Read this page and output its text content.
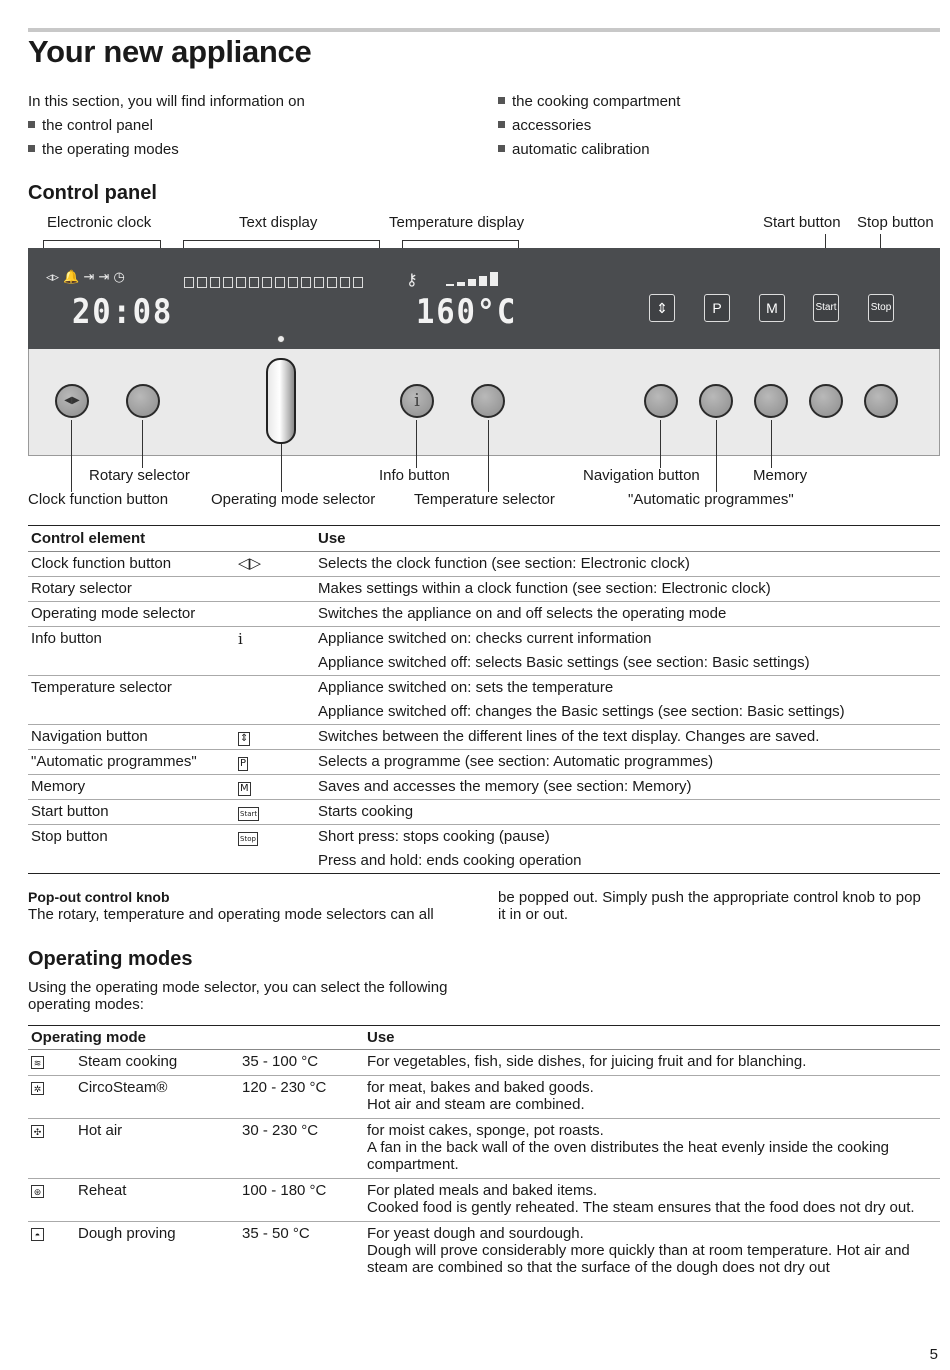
Your new appliance
In this section, you will find information on
the control panel
the operating modes
the cooking compartment
accessories
automatic calibration
Control panel
Electronic clock	Text display	Temperature display	Start button Stop button
◃▹ 🔔 ⇥ ⇥ ◷
20:08
⚷
160°C	⇕	P	M	Start	Stop
◀▶	i
Rotary selector
Clock function button	Operating mode selector
Info button
Temperature selector
Navigation button	Memory
"Automatic programmes"
Control element		Use
Clock function button	◁▷	Selects the clock function (see section: Electronic clock)
Rotary selector		Makes settings within a clock function (see section: Electronic clock)
Operating mode selector		Switches the appliance on and off selects the operating mode
Info button	i	Appliance switched on: checks current information
Appliance switched off: selects Basic settings (see section: Basic settings)

Temperature selector		Appliance switched on: sets the temperature
Appliance switched off: changes the Basic settings (see section: Basic settings)

Navigation button	⇕	Switches between the different lines of the text display. Changes are saved.
"Automatic programmes"	P	Selects a programme (see section: Automatic programmes)
Memory	M	Saves and accesses the memory (see section: Memory)
Start button	Start	Starts cooking
Stop button	Stop	Short press: stops cooking (pause)
Press and hold: ends cooking operation
Pop-out control knob
The rotary, temperature and operating mode selectors can all
be popped out. Simply push the appropriate control knob to pop it in or out.
Operating modes
Using the operating mode selector, you can select the following operating modes:
Operating mode			Use
≋	Steam cooking	35 - 100 °C	For vegetables, fish, side dishes, for juicing fruit and for blanching.
✲	CircoSteam®	120 - 230 °C	for meat, bakes and baked goods.
Hot air and steam are combined.

✣	Hot air	30 - 230 °C	for moist cakes, sponge, pot roasts.
A fan in the back wall of the oven distributes the heat evenly inside the cooking compartment.

⊛	Reheat	100 - 180 °C	For plated meals and baked items.
Cooked food is gently reheated. The steam ensures that the food does not dry out.

◓	Dough proving	35 - 50 °C	For yeast dough and sourdough.
Dough will prove considerably more quickly than at room temperature. Hot air and steam are combined so that the surface of the dough does not dry out
5
